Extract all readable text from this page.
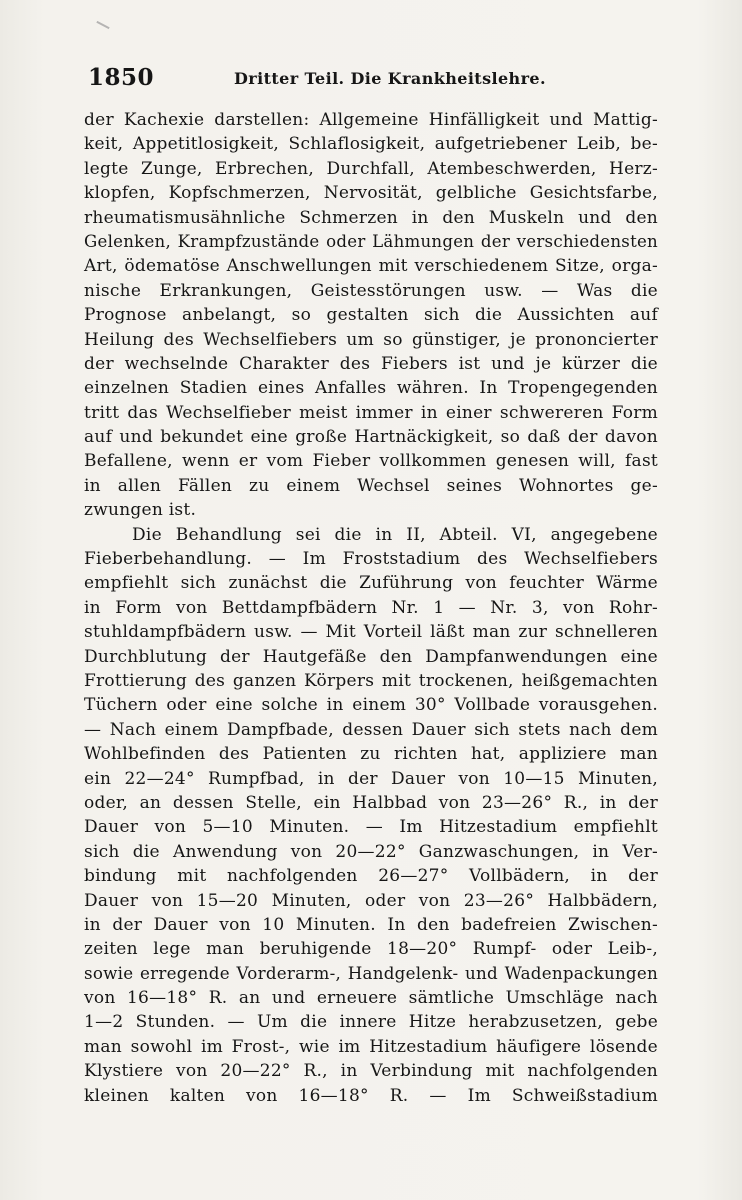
1850	Dritter Teil. Die Krankheitslehre.
der Kachexie darstellen: Allgemeine Hinfälligkeit und Mattig-
keit, Appetitlosigkeit, Schlaflosigkeit, aufgetriebener Leib, be-
legte Zunge, Erbrechen, Durchfall, Atembeschwerden, Herz-
klopfen, Kopfschmerzen, Nervosität, gelbliche Gesichtsfarbe,
rheumatismusähnliche Schmerzen in den Muskeln und den
Gelenken, Krampfzustände oder Lähmungen der verschiedensten
Art, ödematöse Anschwellungen mit verschiedenem Sitze, orga-
nische Erkrankungen, Geistesstörungen usw. — Was die
Prognose anbelangt, so gestalten sich die Aussichten auf
Heilung des Wechselfiebers um so günstiger, je prononcierter
der wechselnde Charakter des Fiebers ist und je kürzer die
einzelnen Stadien eines Anfalles währen. In Tropengegenden
tritt das Wechselfieber meist immer in einer schwereren Form
auf und bekundet eine große Hartnäckigkeit, so daß der davon
Befallene, wenn er vom Fieber vollkommen genesen will, fast
in allen Fällen zu einem Wechsel seines Wohnortes ge-
zwungen ist.
Die Behandlung sei die in II, Abteil. VI, angegebene
Fieberbehandlung. — Im Froststadium des Wechselfiebers
empfiehlt sich zunächst die Zuführung von feuchter Wärme
in Form von Bettdampfbädern Nr. 1 — Nr. 3, von Rohr-
stuhldampfbädern usw. — Mit Vorteil läßt man zur schnelleren
Durchblutung der Hautgefäße den Dampfanwendungen eine
Frottierung des ganzen Körpers mit trockenen, heißgemachten
Tüchern oder eine solche in einem 30° Vollbade vorausgehen.
— Nach einem Dampfbade, dessen Dauer sich stets nach dem
Wohlbefinden des Patienten zu richten hat, appliziere man
ein 22—24° Rumpfbad, in der Dauer von 10—15 Minuten,
oder, an dessen Stelle, ein Halbbad von 23—26° R., in der
Dauer von 5—10 Minuten. — Im Hitzestadium empfiehlt
sich die Anwendung von 20—22° Ganzwaschungen, in Ver-
bindung mit nachfolgenden 26—27° Vollbädern, in der
Dauer von 15—20 Minuten, oder von 23—26° Halbbädern,
in der Dauer von 10 Minuten. In den badefreien Zwischen-
zeiten lege man beruhigende 18—20° Rumpf- oder Leib-,
sowie erregende Vorderarm-, Handgelenk- und Wadenpackungen
von 16—18° R. an und erneuere sämtliche Umschläge nach
1—2 Stunden. — Um die innere Hitze herabzusetzen, gebe
man sowohl im Frost-, wie im Hitzestadium häufigere lösende
Klystiere von 20—22° R., in Verbindung mit nachfolgenden
kleinen kalten von 16—18° R. — Im Schweißstadium
